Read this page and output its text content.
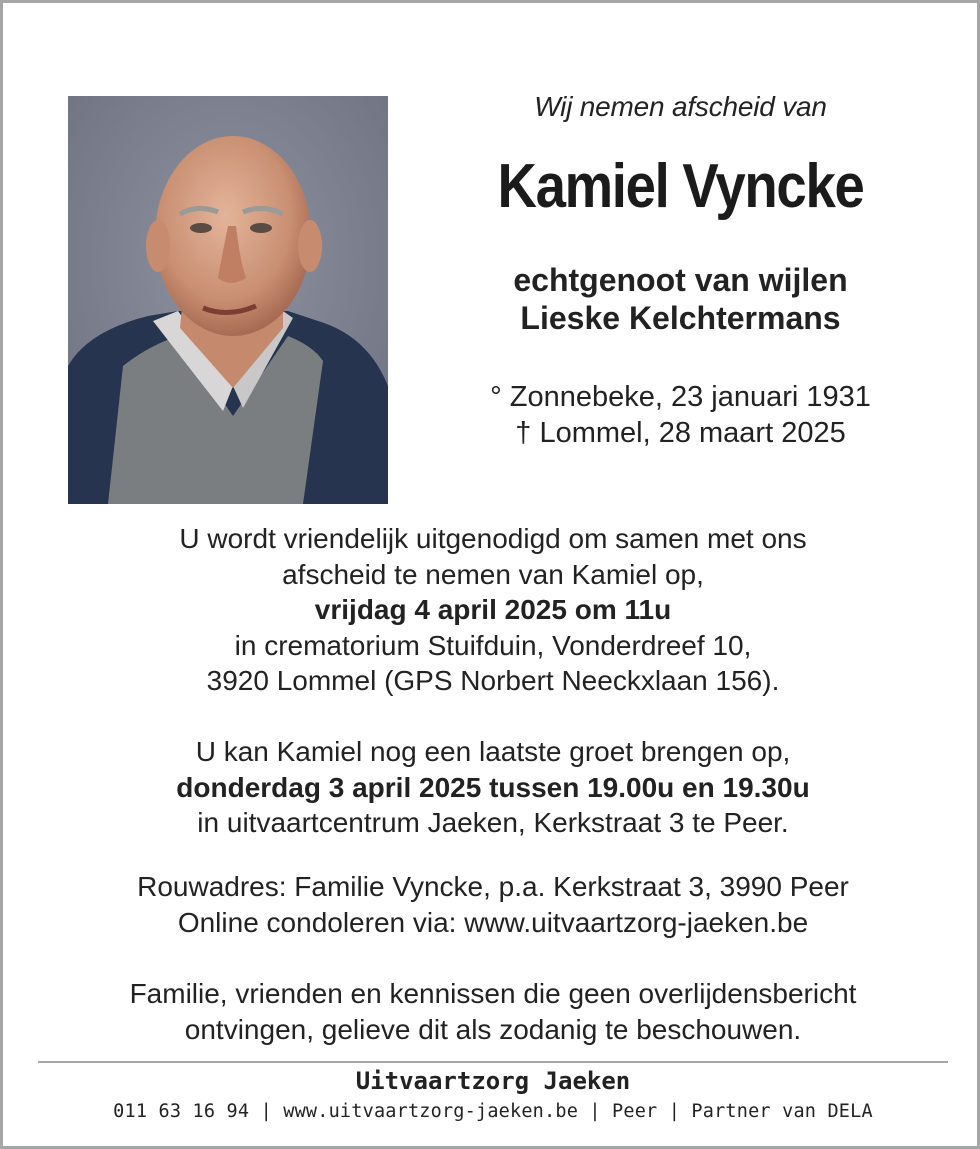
Wij nemen afscheid van
Kamiel Vyncke
echtgenoot van wijlen
Lieske Kelchtermans
° Zonnebeke, 23 januari 1931
† Lommel, 28 maart 2025
U wordt vriendelijk uitgenodigd om samen met ons
afscheid te nemen van Kamiel op,
vrijdag 4 april 2025 om 11u
in crematorium Stuifduin, Vonderdreef 10,
3920 Lommel (GPS Norbert Neeckxlaan 156).
U kan Kamiel nog een laatste groet brengen op,
donderdag 3 april 2025 tussen 19.00u en 19.30u
in uitvaartcentrum Jaeken, Kerkstraat 3 te Peer.
Rouwadres: Familie Vyncke, p.a. Kerkstraat 3, 3990 Peer
Online condoleren via: www.uitvaartzorg-jaeken.be
Familie, vrienden en kennissen die geen overlijdensbericht
ontvingen, gelieve dit als zodanig te beschouwen.
Uitvaartzorg Jaeken
011 63 16 94 | www.uitvaartzorg-jaeken.be | Peer | Partner van DELA
